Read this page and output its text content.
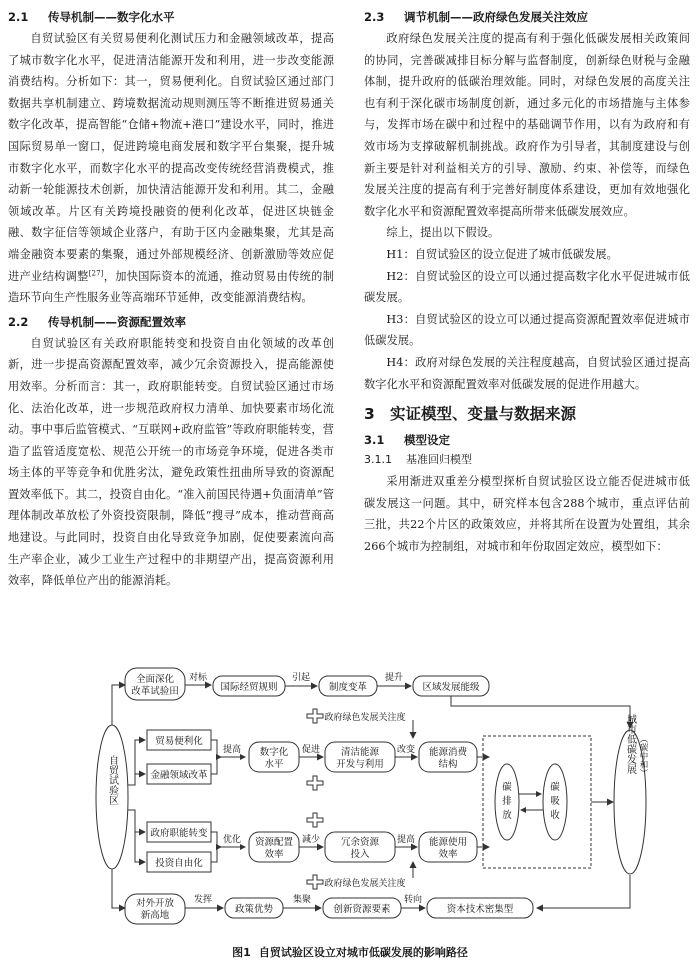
2.1 传导机制——数字化水平

自贸试验区有关贸易便利化测试压力和金融领域改革，提高了城市数字化水平，促进清洁能源开发和利用，进一步改变能源消费结构。分析如下：其一，贸易便利化。自贸试验区通过部门数据共享机制建立、跨境数据流动规则测压等不断推进贸易通关数字化改革，提高智能“仓储+物流+港口”建设水平，同时，推进国际贸易单一窗口，促进跨境电商发展和数字平台集聚，提升城市数字化水平，而数字化水平的提高改变传统经营消费模式，推动新一轮能源技术创新，加快清洁能源开发和利用。其二，金融领域改革。片区有关跨境投融资的便利化改革，促进区块链金融、数字征信等领域企业落户，有助于区内金融集聚，尤其是高端金融资本要素的集聚，通过外部规模经济、创新激励等效应促进产业结构调整[27]，加快国际资本的流通，推动贸易由传统的制造环节向生产性服务业等高端环节延伸，改变能源消费结构。

2.2 传导机制——资源配置效率

自贸试验区有关政府职能转变和投资自由化领域的改革创新，进一步提高资源配置效率，减少冗余资源投入，提高能源使用效率。分析而言：其一，政府职能转变。自贸试验区通过市场化、法治化改革，进一步规范政府权力清单、加快要素市场化流动。事中事后监管模式、“互联网+政府监管”等政府职能转变，营造了监管适度宽松、规范公开统一的市场竞争环境，促进各类市场主体的平等竞争和优胜劣汰，避免政策性扭曲所导致的资源配置效率低下。其二，投资自由化。“准入前国民待遇+负面清单”管理体制改革放松了外资投资限制，降低“搜寻”成本，推动营商高地建设。与此同时，投资自由化导致竞争加剧，促使要素流向高生产率企业，减少工业生产过程中的非期望产出，提高资源利用效率，降低单位产出的能源消耗。

2.3 调节机制——政府绿色发展关注效应

政府绿色发展关注度的提高有利于强化低碳发展相关政策间的协同，完善碳减排目标分解与监督制度，创新绿色财税与金融体制，提升政府的低碳治理效能。同时，对绿色发展的高度关注也有利于深化碳市场制度创新，通过多元化的市场措施与主体参与，发挥市场在碳中和过程中的基础调节作用，以有为政府和有效市场为支撑破解机制挑战。政府作为引导者，其制度建设与创新主要是针对利益相关方的引导、激励、约束、补偿等，而绿色发展关注度的提高有利于完善好制度体系建设，更加有效地强化数字化水平和资源配置效率提高所带来低碳发展效应。

综上，提出以下假设。

H1：自贸试验区的设立促进了城市低碳发展。

H2：自贸试验区的设立可以通过提高数字化水平促进城市低碳发展。

H3：自贸试验区的设立可以通过提高资源配置效率促进城市低碳发展。

H4：政府对绿色发展的关注程度越高，自贸试验区通过提高数字化水平和资源配置效率对低碳发展的促进作用越大。

3 实证模型、变量与数据来源
3.1 模型设定
3.1.1 基准回归模型

采用渐进双重差分模型探析自贸试验区设立能否促进城市低碳发展这一问题。其中，研究样本包含288个城市，重点评估前三批，共22个片区的政策效应，并将其所在设置为处置组，其余266个城市为控制组，对城市和年份取固定效应，模型如下：

全面深化
改革试验田	国际经贸规则	制度变革	区域发展能级
贸易便利化
金融领域改革
政府职能转变
投资自由化
数字化
水平
清洁能源
开发与利用
能源消费
结构
资源配置
效率
冗余资源
投入
能源使用
效率
碳
排
放
碳
吸
收
对外开放
新高地
政策优势	创新资源要素	资本技术密集型
自贸试验区
城市低碳发展 （碳中和）
对标	引起	提升
政府绿色发展关注度
提高	促进	改变
优化	减少	提高
政府绿色发展关注度
发挥	集聚	转向
图1 自贸试验区设立对城市低碳发展的影响路径
